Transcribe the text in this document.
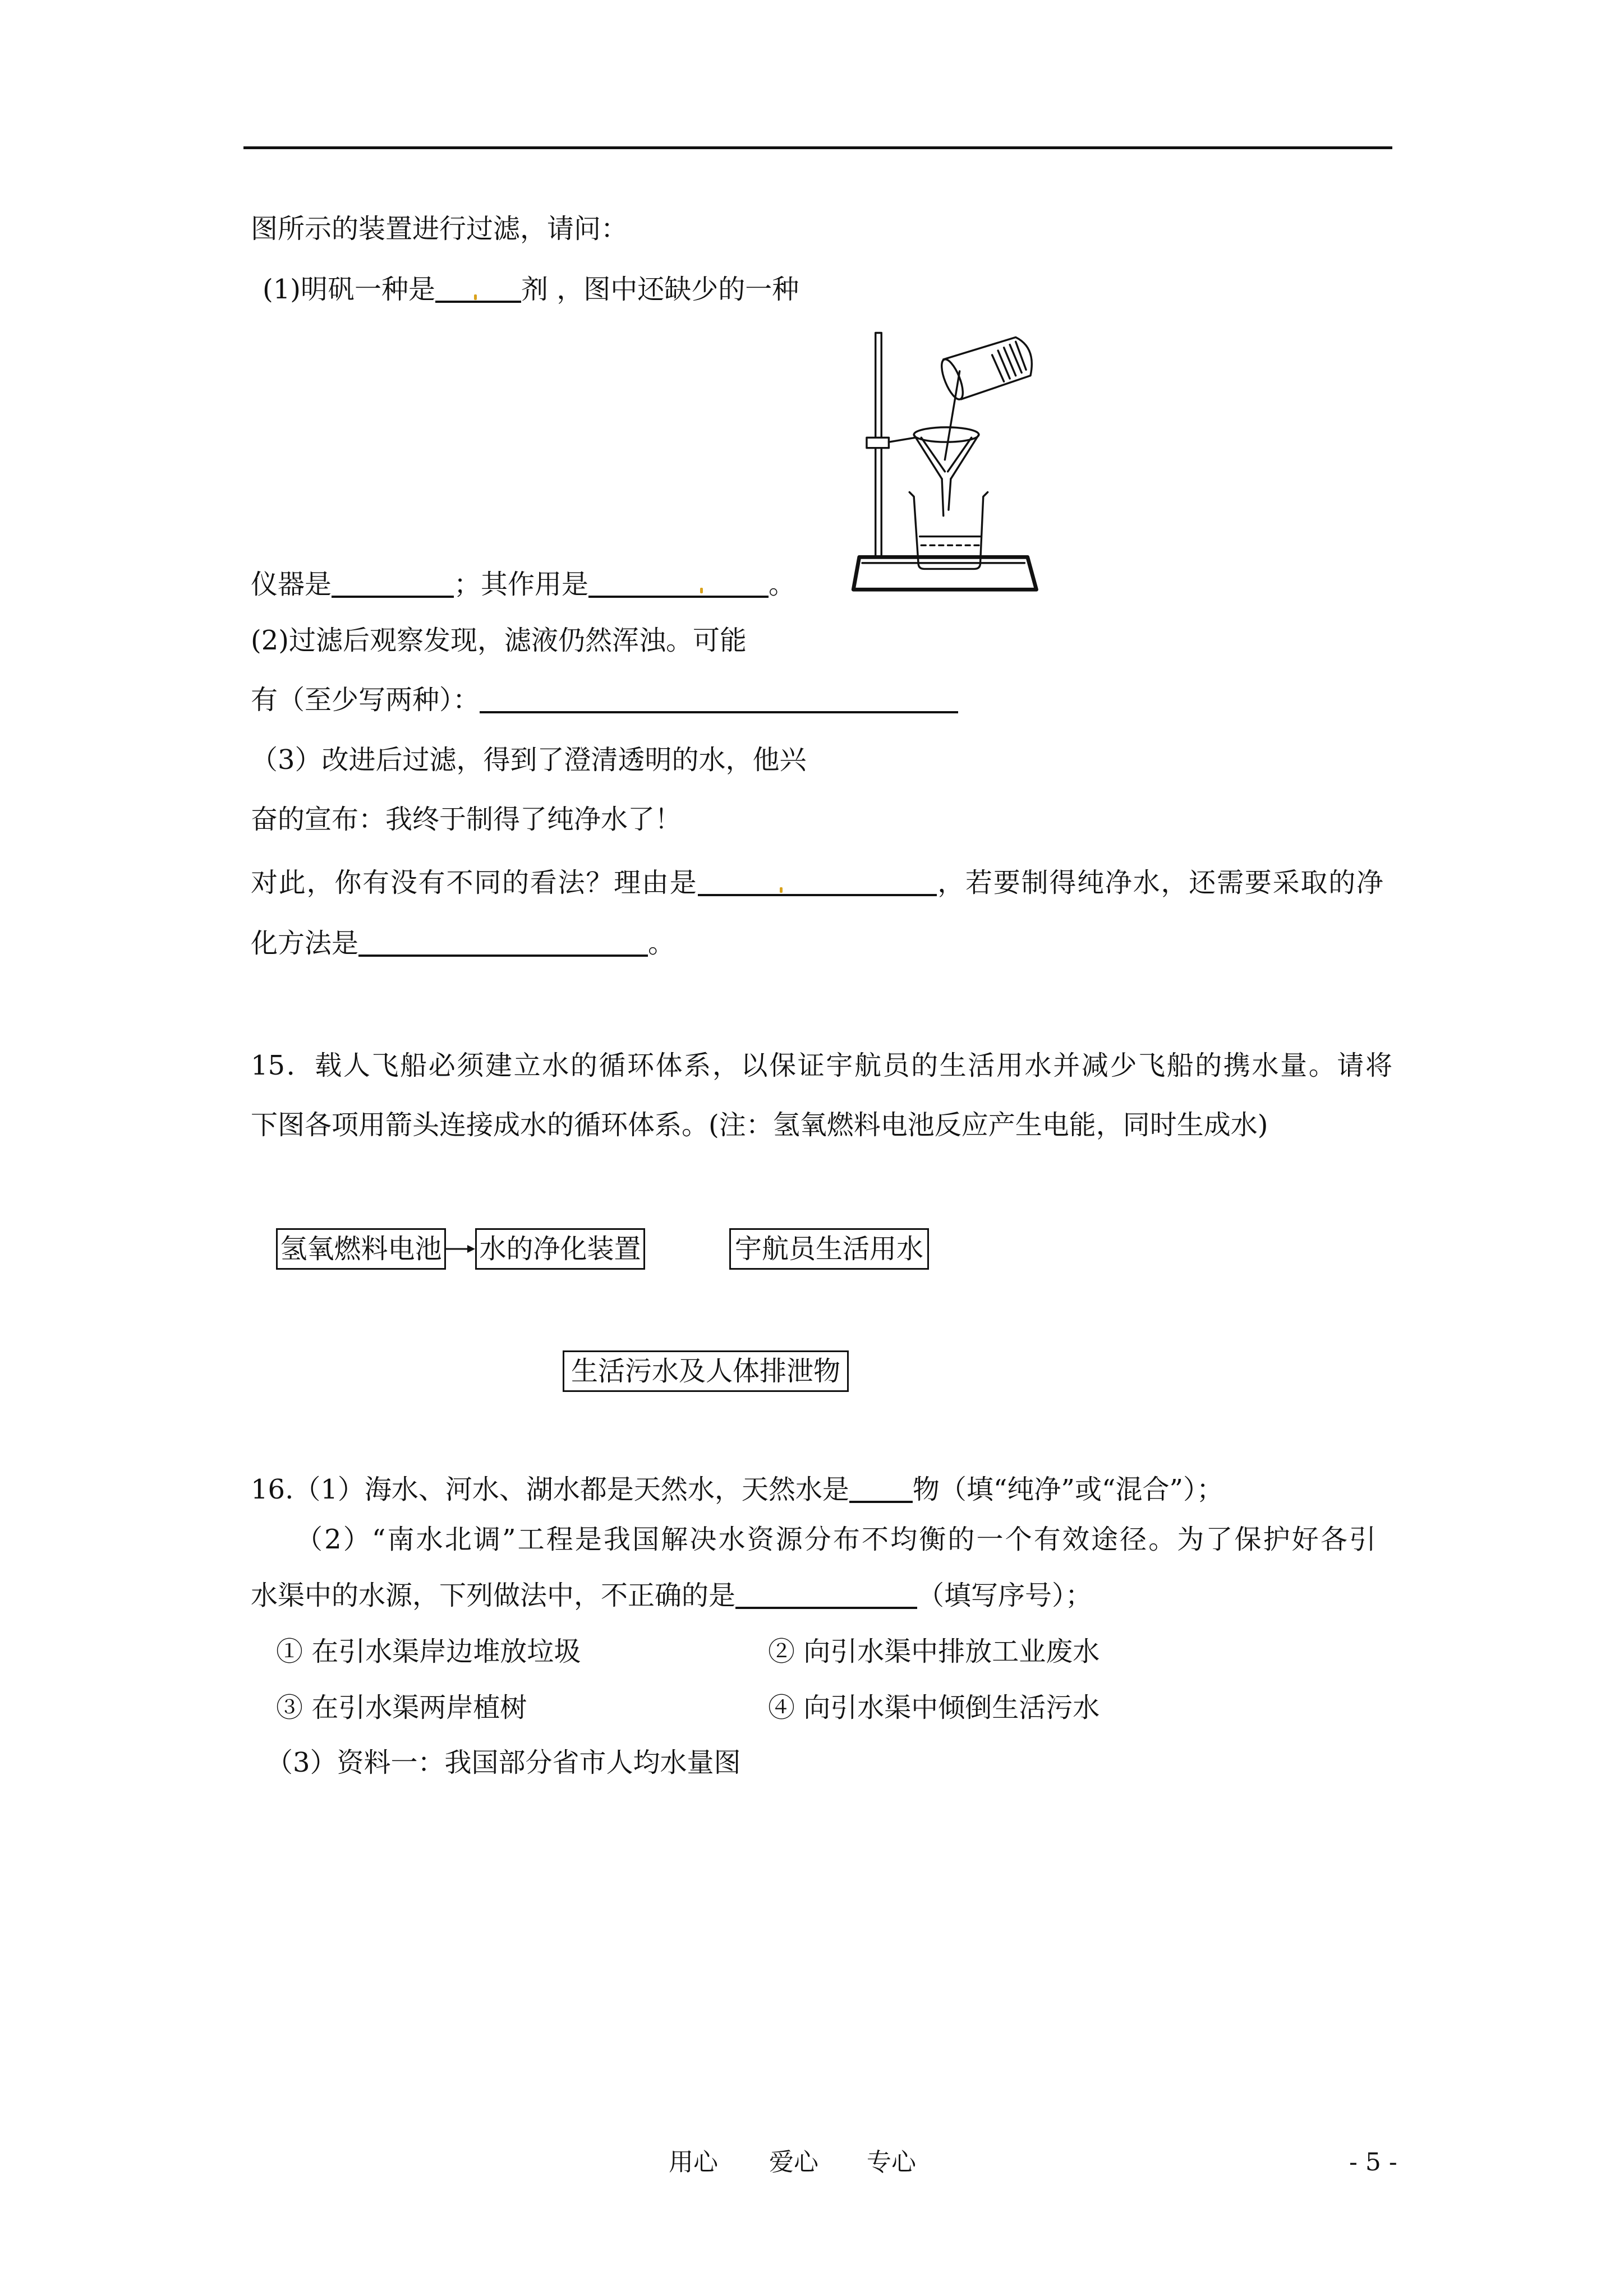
图所示的装置进行过滤，请问：
(1)明矾一种是	剂 ，图中还缺少的一种
仪器是	；其作用是	。
(2)过滤后观察发现，滤液仍然浑浊。可能
有（至少写两种）：
（3）改进后过滤，得到了澄清透明的水，他兴
奋的宣布：我终于制得了纯净水了！
对此，你有没有不同的看法？理由是	，若要制得纯净水，还需要采取的净
化方法是	。
15．载人飞船必须建立水的循环体系，以保证宇航员的生活用水并减少飞船的携水量。请将
下图各项用箭头连接成水的循环体系。(注：氢氧燃料电池反应产生电能，同时生成水)
氢氧燃料电池 水的净化装置	宇航员生活用水
生活污水及人体排泄物
16.（1）海水、河水、湖水都是天然水，天然水是 物（填“纯净”或“混合”）；
（2）“南水北调”工程是我国解决水资源分布不均衡的一个有效途径。为了保护好各引
水渠中的水源，下列做法中，不正确的是	（填写序号）；
① 在引水渠岸边堆放垃圾	② 向引水渠中排放工业废水
③ 在引水渠两岸植树	④ 向引水渠中倾倒生活污水
（3）资料一：我国部分省市人均水量图
用心 爱心 专心	- 5 -
